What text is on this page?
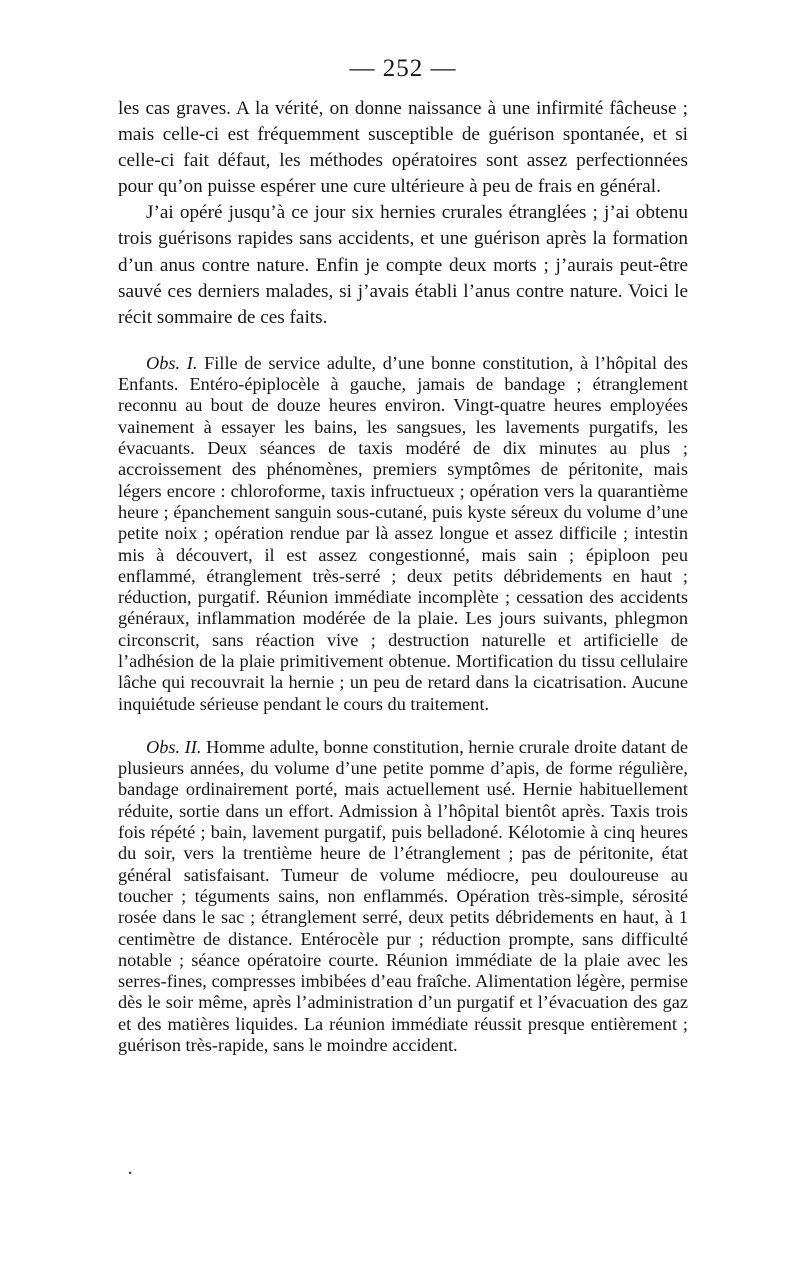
— 252 —

les cas graves. A la vérité, on donne naissance à une infirmité fâcheuse ; mais celle-ci est fréquemment susceptible de guérison spontanée, et si celle-ci fait défaut, les méthodes opératoires sont assez perfectionnées pour qu’on puisse espérer une cure ultérieure à peu de frais en général.

J’ai opéré jusqu’à ce jour six hernies crurales étranglées ; j’ai obtenu trois guérisons rapides sans accidents, et une guérison après la formation d’un anus contre nature. Enfin je compte deux morts ; j’aurais peut-être sauvé ces derniers malades, si j’avais établi l’anus contre nature. Voici le récit sommaire de ces faits.

Obs. I. Fille de service adulte, d’une bonne constitution, à l’hôpital des Enfants. Entéro-épiplocèle à gauche, jamais de bandage ; étranglement reconnu au bout de douze heures environ. Vingt-quatre heures employées vainement à essayer les bains, les sangsues, les lavements purgatifs, les évacuants. Deux séances de taxis modéré de dix minutes au plus ; accroissement des phénomènes, premiers symptômes de péritonite, mais légers encore : chloroforme, taxis infructueux ; opération vers la quarantième heure ; épanchement sanguin sous-cutané, puis kyste séreux du volume d’une petite noix ; opération rendue par là assez longue et assez difficile ; intestin mis à découvert, il est assez congestionné, mais sain ; épiploon peu enflammé, étranglement très-serré ; deux petits débridements en haut ; réduction, purgatif. Réunion immédiate incomplète ; cessation des accidents généraux, inflammation modérée de la plaie. Les jours suivants, phlegmon circonscrit, sans réaction vive ; destruction naturelle et artificielle de l’adhésion de la plaie primitivement obtenue. Mortification du tissu cellulaire lâche qui recouvrait la hernie ; un peu de retard dans la cicatrisation. Aucune inquiétude sérieuse pendant le cours du traitement.

Obs. II. Homme adulte, bonne constitution, hernie crurale droite datant de plusieurs années, du volume d’une petite pomme d’apis, de forme régulière, bandage ordinairement porté, mais actuellement usé. Hernie habituellement réduite, sortie dans un effort. Admission à l’hôpital bientôt après. Taxis trois fois répété ; bain, lavement purgatif, puis belladoné. Kélotomie à cinq heures du soir, vers la trentième heure de l’étranglement ; pas de péritonite, état général satisfaisant. Tumeur de volume médiocre, peu douloureuse au toucher ; téguments sains, non enflammés. Opération très-simple, sérosité rosée dans le sac ; étranglement serré, deux petits débridements en haut, à 1 centimètre de distance. Entérocèle pur ; réduction prompte, sans difficulté notable ; séance opératoire courte. Réunion immédiate de la plaie avec les serres-fines, compresses imbibées d’eau fraîche. Alimentation légère, permise dès le soir même, après l’administration d’un purgatif et l’évacuation des gaz et des matières liquides. La réunion immédiate réussit presque entièrement ; guérison très-rapide, sans le moindre accident.

•
